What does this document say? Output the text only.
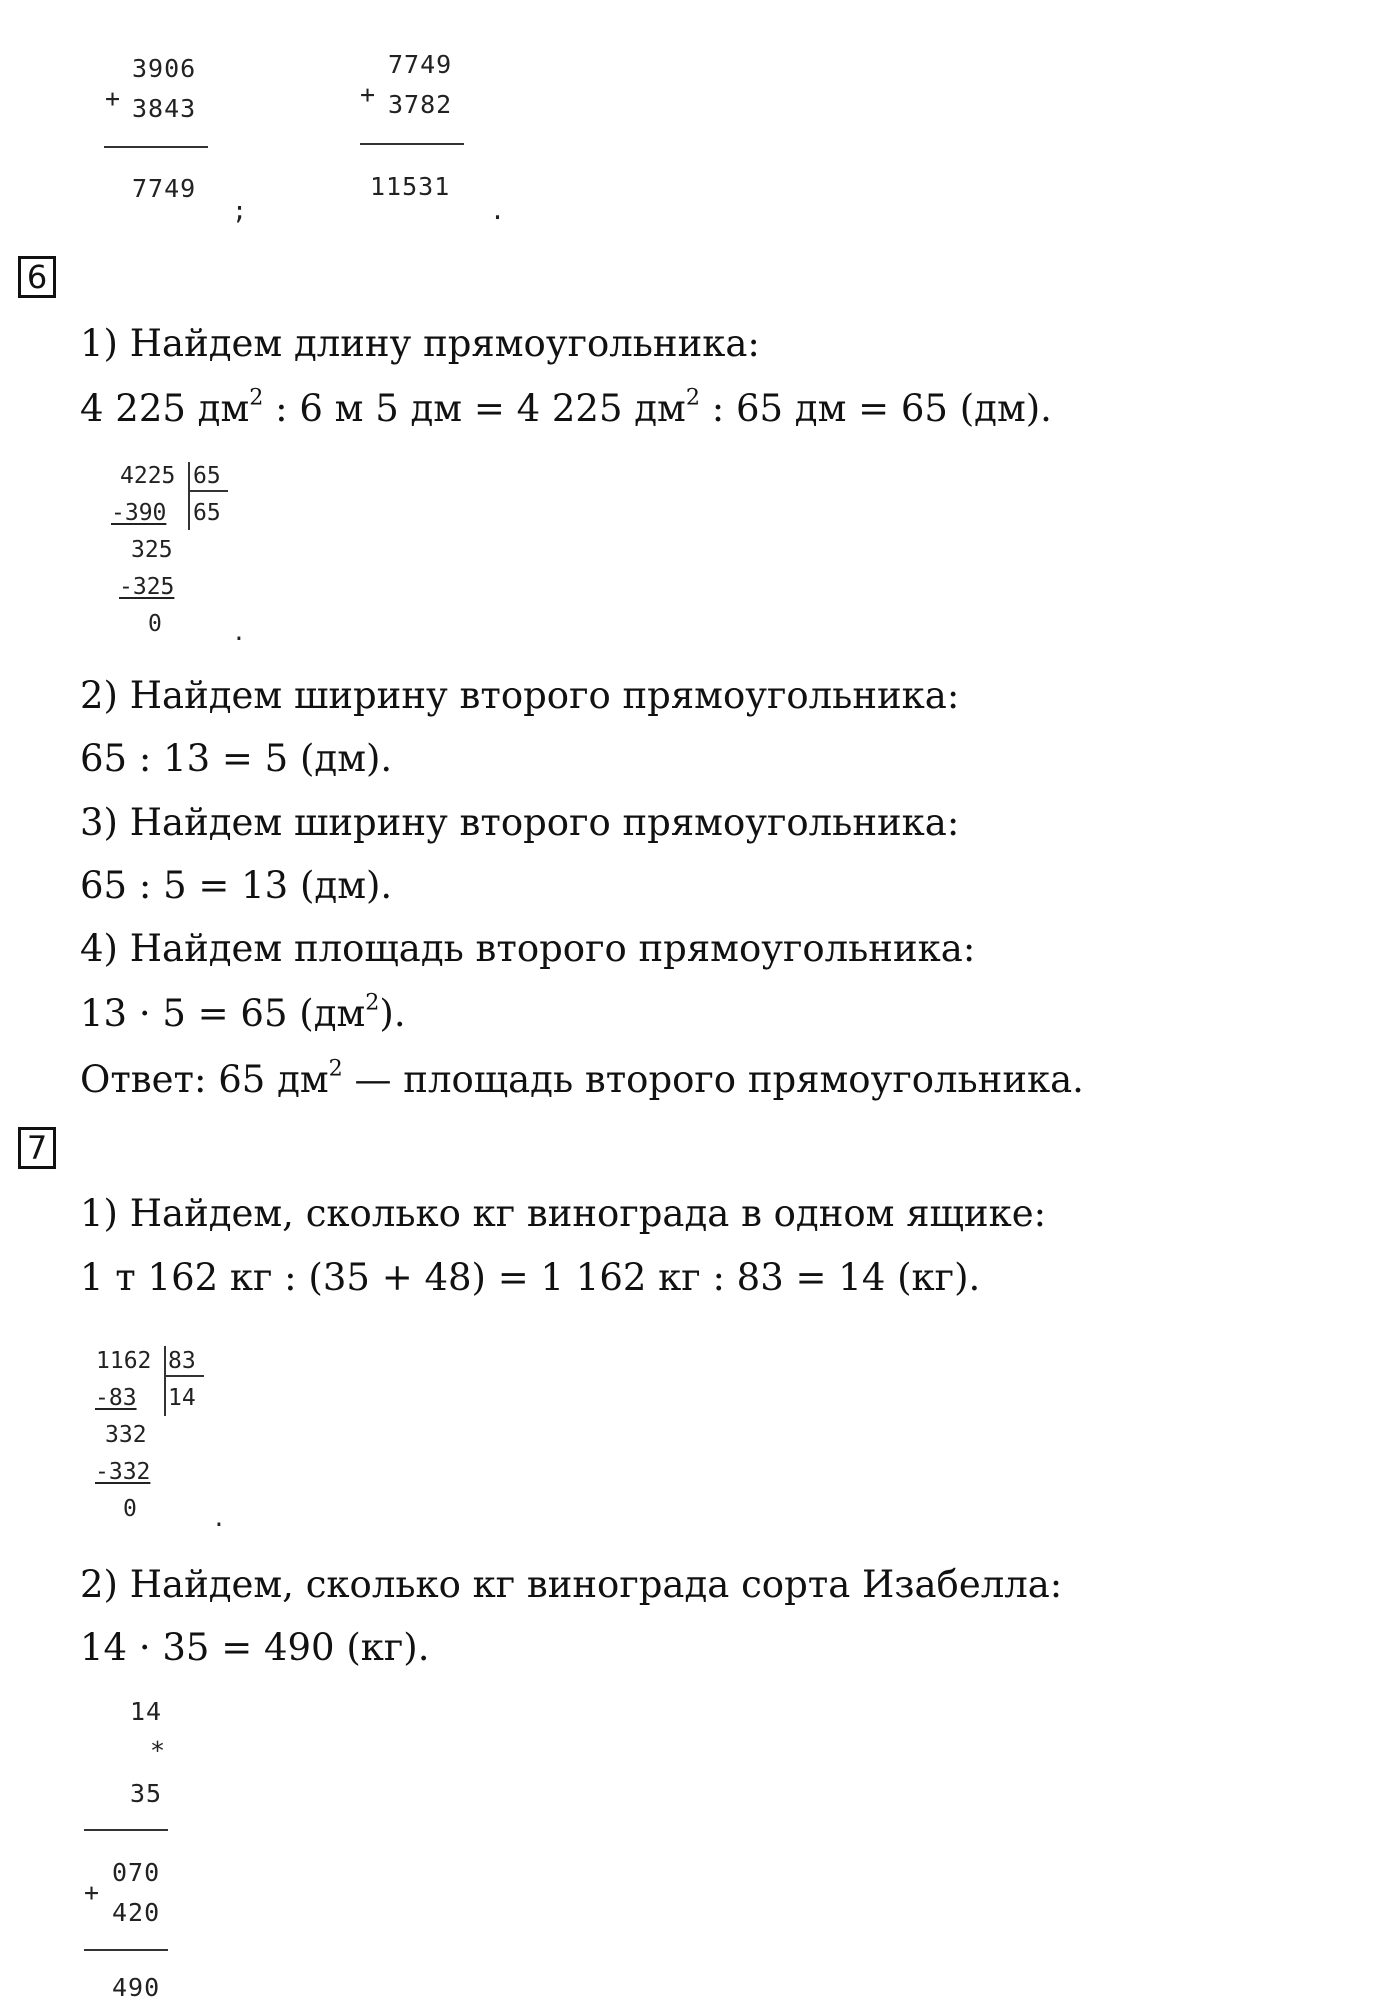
+
3906
3843
7749
;
+
7749
3782
11531
.
6
1) Найдем длину прямоугольника:
4 225 $дм^2$ : 6 м 5 дм = 4 225 $дм^2$ : 65 дм = 65 (дм).
4225 65
-390 65
325
-325
0	.
2) Найдем ширину второго прямоугольника:
65 : 13 = 5 (дм).
3) Найдем ширину второго прямоугольника:
65 : 5 = 13 (дм).
4) Найдем площадь второго прямоугольника:
13 · 5 = 65 $(дм^2)$.
Ответ: 65 $дм^2$ — площадь второго прямоугольника.
7
1) Найдем, сколько кг винограда в одном ящике:
1 т 162 кг : (35 + 48) = 1 162 кг : 83 = 14 (кг).
1162 83
-83 14
332
-332
0	.
2) Найдем, сколько кг винограда сорта Изабелла:
14 · 35 = 490 (кг).
14
*
35
+
070
420
490
